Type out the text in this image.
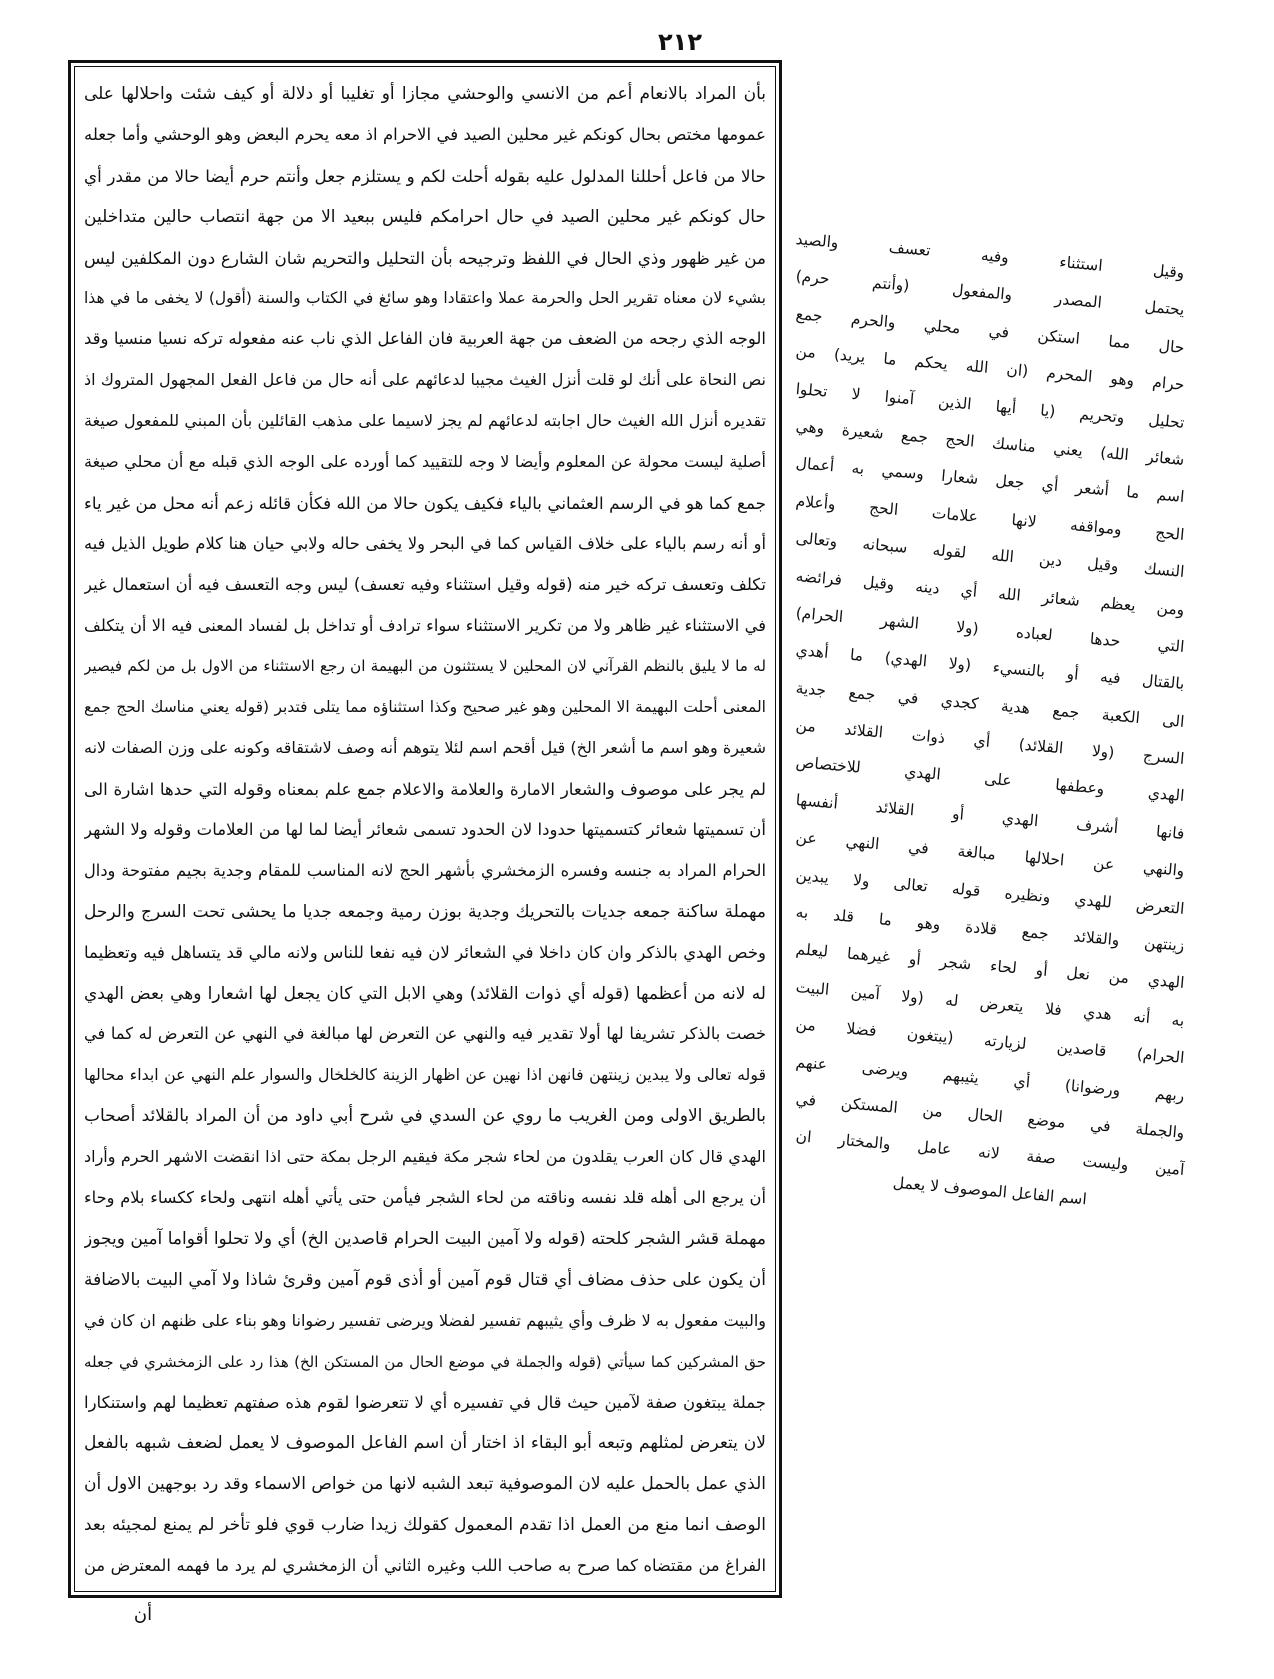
٢١٢
بأن المراد بالانعام أعم من الانسي والوحشي مجازا أو تغليبا أو دلالة أو كيف شئت واحلالها على
عمومها مختص بحال كونكم غير محلين الصيد في الاحرام اذ معه يحرم البعض وهو الوحشي وأما جعله
حالا من فاعل أحللنا المدلول عليه بقوله أحلت لكم و يستلزم جعل وأنتم حرم أيضا حالا من مقدر أي
حال كونكم غير محلين الصيد في حال احرامكم فليس ببعيد الا من جهة انتصاب حالين متداخلين
من غير ظهور وذي الحال في اللفظ وترجيحه بأن التحليل والتحريم شان الشارع دون المكلفين ليس
بشيء لان معناه تقرير الحل والحرمة عملا واعتقادا وهو سائغ في الكتاب والسنة (أقول) لا يخفى ما في هذا
الوجه الذي رجحه من الضعف من جهة العربية فان الفاعل الذي ناب عنه مفعوله تركه نسيا منسيا وقد
نص النحاة على أنك لو قلت أنزل الغيث مجيبا لدعائهم على أنه حال من فاعل الفعل المجهول المتروك اذ
تقديره أنزل الله الغيث حال اجابته لدعائهم لم يجز لاسيما على مذهب القائلين بأن المبني للمفعول صيغة
أصلية ليست محولة عن المعلوم وأيضا لا وجه للتقييد كما أورده على الوجه الذي قبله مع أن محلي صيغة
جمع كما هو في الرسم العثماني بالياء فكيف يكون حالا من الله فكأن قائله زعم أنه محل من غير ياء
أو أنه رسم بالياء على خلاف القياس كما في البحر ولا يخفى حاله ولابي حيان هنا كلام طويل الذيل فيه
تكلف وتعسف تركه خير منه (قوله وقيل استثناء وفيه تعسف) ليس وجه التعسف فيه أن استعمال غير
في الاستثناء غير ظاهر ولا من تكرير الاستثناء سواء ترادف أو تداخل بل لفساد المعنى فيه الا أن يتكلف
له ما لا يليق بالنظم القرآني لان المحلين لا يستثنون من البهيمة ان رجع الاستثناء من الاول بل من لكم فيصير
المعنى أحلت البهيمة الا المحلين وهو غير صحيح وكذا استثناؤه مما يتلى فتدبر (قوله يعني مناسك الحج جمع
شعيرة وهو اسم ما أشعر الخ) قيل أقحم اسم لئلا يتوهم أنه وصف لاشتقاقه وكونه على وزن الصفات لانه
لم يجر على موصوف والشعار الامارة والعلامة والاعلام جمع علم بمعناه وقوله التي حدها اشارة الى
أن تسميتها شعائر كتسميتها حدودا لان الحدود تسمى شعائر أيضا لما لها من العلامات وقوله ولا الشهر
الحرام المراد به جنسه وفسره الزمخشري بأشهر الحج لانه المناسب للمقام وجدية بجيم مفتوحة ودال
مهملة ساكنة جمعه جديات بالتحريك وجدية بوزن رمية وجمعه جديا ما يحشى تحت السرج والرحل
وخص الهدي بالذكر وان كان داخلا في الشعائر لان فيه نفعا للناس ولانه مالي قد يتساهل فيه وتعظيما
له لانه من أعظمها (قوله أي ذوات القلائد) وهي الابل التي كان يجعل لها اشعارا وهي بعض الهدي
خصت بالذكر تشريفا لها أولا تقدير فيه والنهي عن التعرض لها مبالغة في النهي عن التعرض له كما في
قوله تعالى ولا يبدين زينتهن فانهن اذا نهين عن اظهار الزينة كالخلخال والسوار علم النهي عن ابداء محالها
بالطريق الاولى ومن الغريب ما روي عن السدي في شرح أبي داود من أن المراد بالقلائد أصحاب
الهدي قال كان العرب يقلدون من لحاء شجر مكة فيقيم الرجل بمكة حتى اذا انقضت الاشهر الحرم وأراد
أن يرجع الى أهله قلد نفسه وناقته من لحاء الشجر فيأمن حتى يأتي أهله انتهى ولحاء ككساء بلام وحاء
مهملة قشر الشجر كلحته (قوله ولا آمين البيت الحرام قاصدين الخ) أي ولا تحلوا أقواما آمين ويجوز
أن يكون على حذف مضاف أي قتال قوم آمين أو أذى قوم آمين وقرئ شاذا ولا آمي البيت بالاضافة
والبيت مفعول به لا ظرف وأي يثيبهم تفسير لفضلا ويرضى تفسير رضوانا وهو بناء على ظنهم ان كان في
حق المشركين كما سيأتي (قوله والجملة في موضع الحال من المستكن الخ) هذا رد على الزمخشري في جعله
جملة يبتغون صفة لآمين حيث قال في تفسيره أي لا تتعرضوا لقوم هذه صفتهم تعظيما لهم واستنكارا
لان يتعرض لمثلهم وتبعه أبو البقاء اذ اختار أن اسم الفاعل الموصوف لا يعمل لضعف شبهه بالفعل
الذي عمل بالحمل عليه لان الموصوفية تبعد الشبه لانها من خواص الاسماء وقد رد بوجهين الاول أن
الوصف انما منع من العمل اذا تقدم المعمول كقولك زيدا ضارب قوي فلو تأخر لم يمنع لمجيئه بعد
الفراغ من مقتضاه كما صرح به صاحب اللب وغيره الثاني أن الزمخشري لم يرد ما فهمه المعترض من
وقيل استثناء وفيه تعسف والصيد
يحتمل المصدر والمفعول (وأنتم حرم)
حال مما استكن في محلي والحرم جمع
حرام وهو المحرم (ان الله يحكم ما يريد) من
تحليل وتحريم (يا أيها الذين آمنوا لا تحلوا
شعائر الله) يعني مناسك الحج جمع شعيرة وهي
اسم ما أشعر أي جعل شعارا وسمي به أعمال
الحج ومواقفه لانها علامات الحج وأعلام
النسك وقيل دين الله لقوله سبحانه وتعالى
ومن يعظم شعائر الله أي دينه وقيل فرائضه
التي حدها لعباده (ولا الشهر الحرام)
بالقتال فيه أو بالنسيء (ولا الهدي) ما أهدي
الى الكعبة جمع هدية كجدي في جمع جدية
السرج (ولا القلائد) أي ذوات القلائد من
الهدي وعطفها على الهدي للاختصاص
فانها أشرف الهدي أو القلائد أنفسها
والنهي عن احلالها مبالغة في النهي عن
التعرض للهدي ونظيره قوله تعالى ولا يبدين
زينتهن والقلائد جمع قلادة وهو ما قلد به
الهدي من نعل أو لحاء شجر أو غيرهما ليعلم
به أنه هدي فلا يتعرض له (ولا آمين البيت
الحرام) قاصدين لزيارته (يبتغون فضلا من
ربهم ورضوانا) أي يثيبهم ويرضى عنهم
والجملة في موضع الحال من المستكن في
آمين وليست صفة لانه عامل والمختار ان
اسم الفاعل الموصوف لا يعمل
أن
